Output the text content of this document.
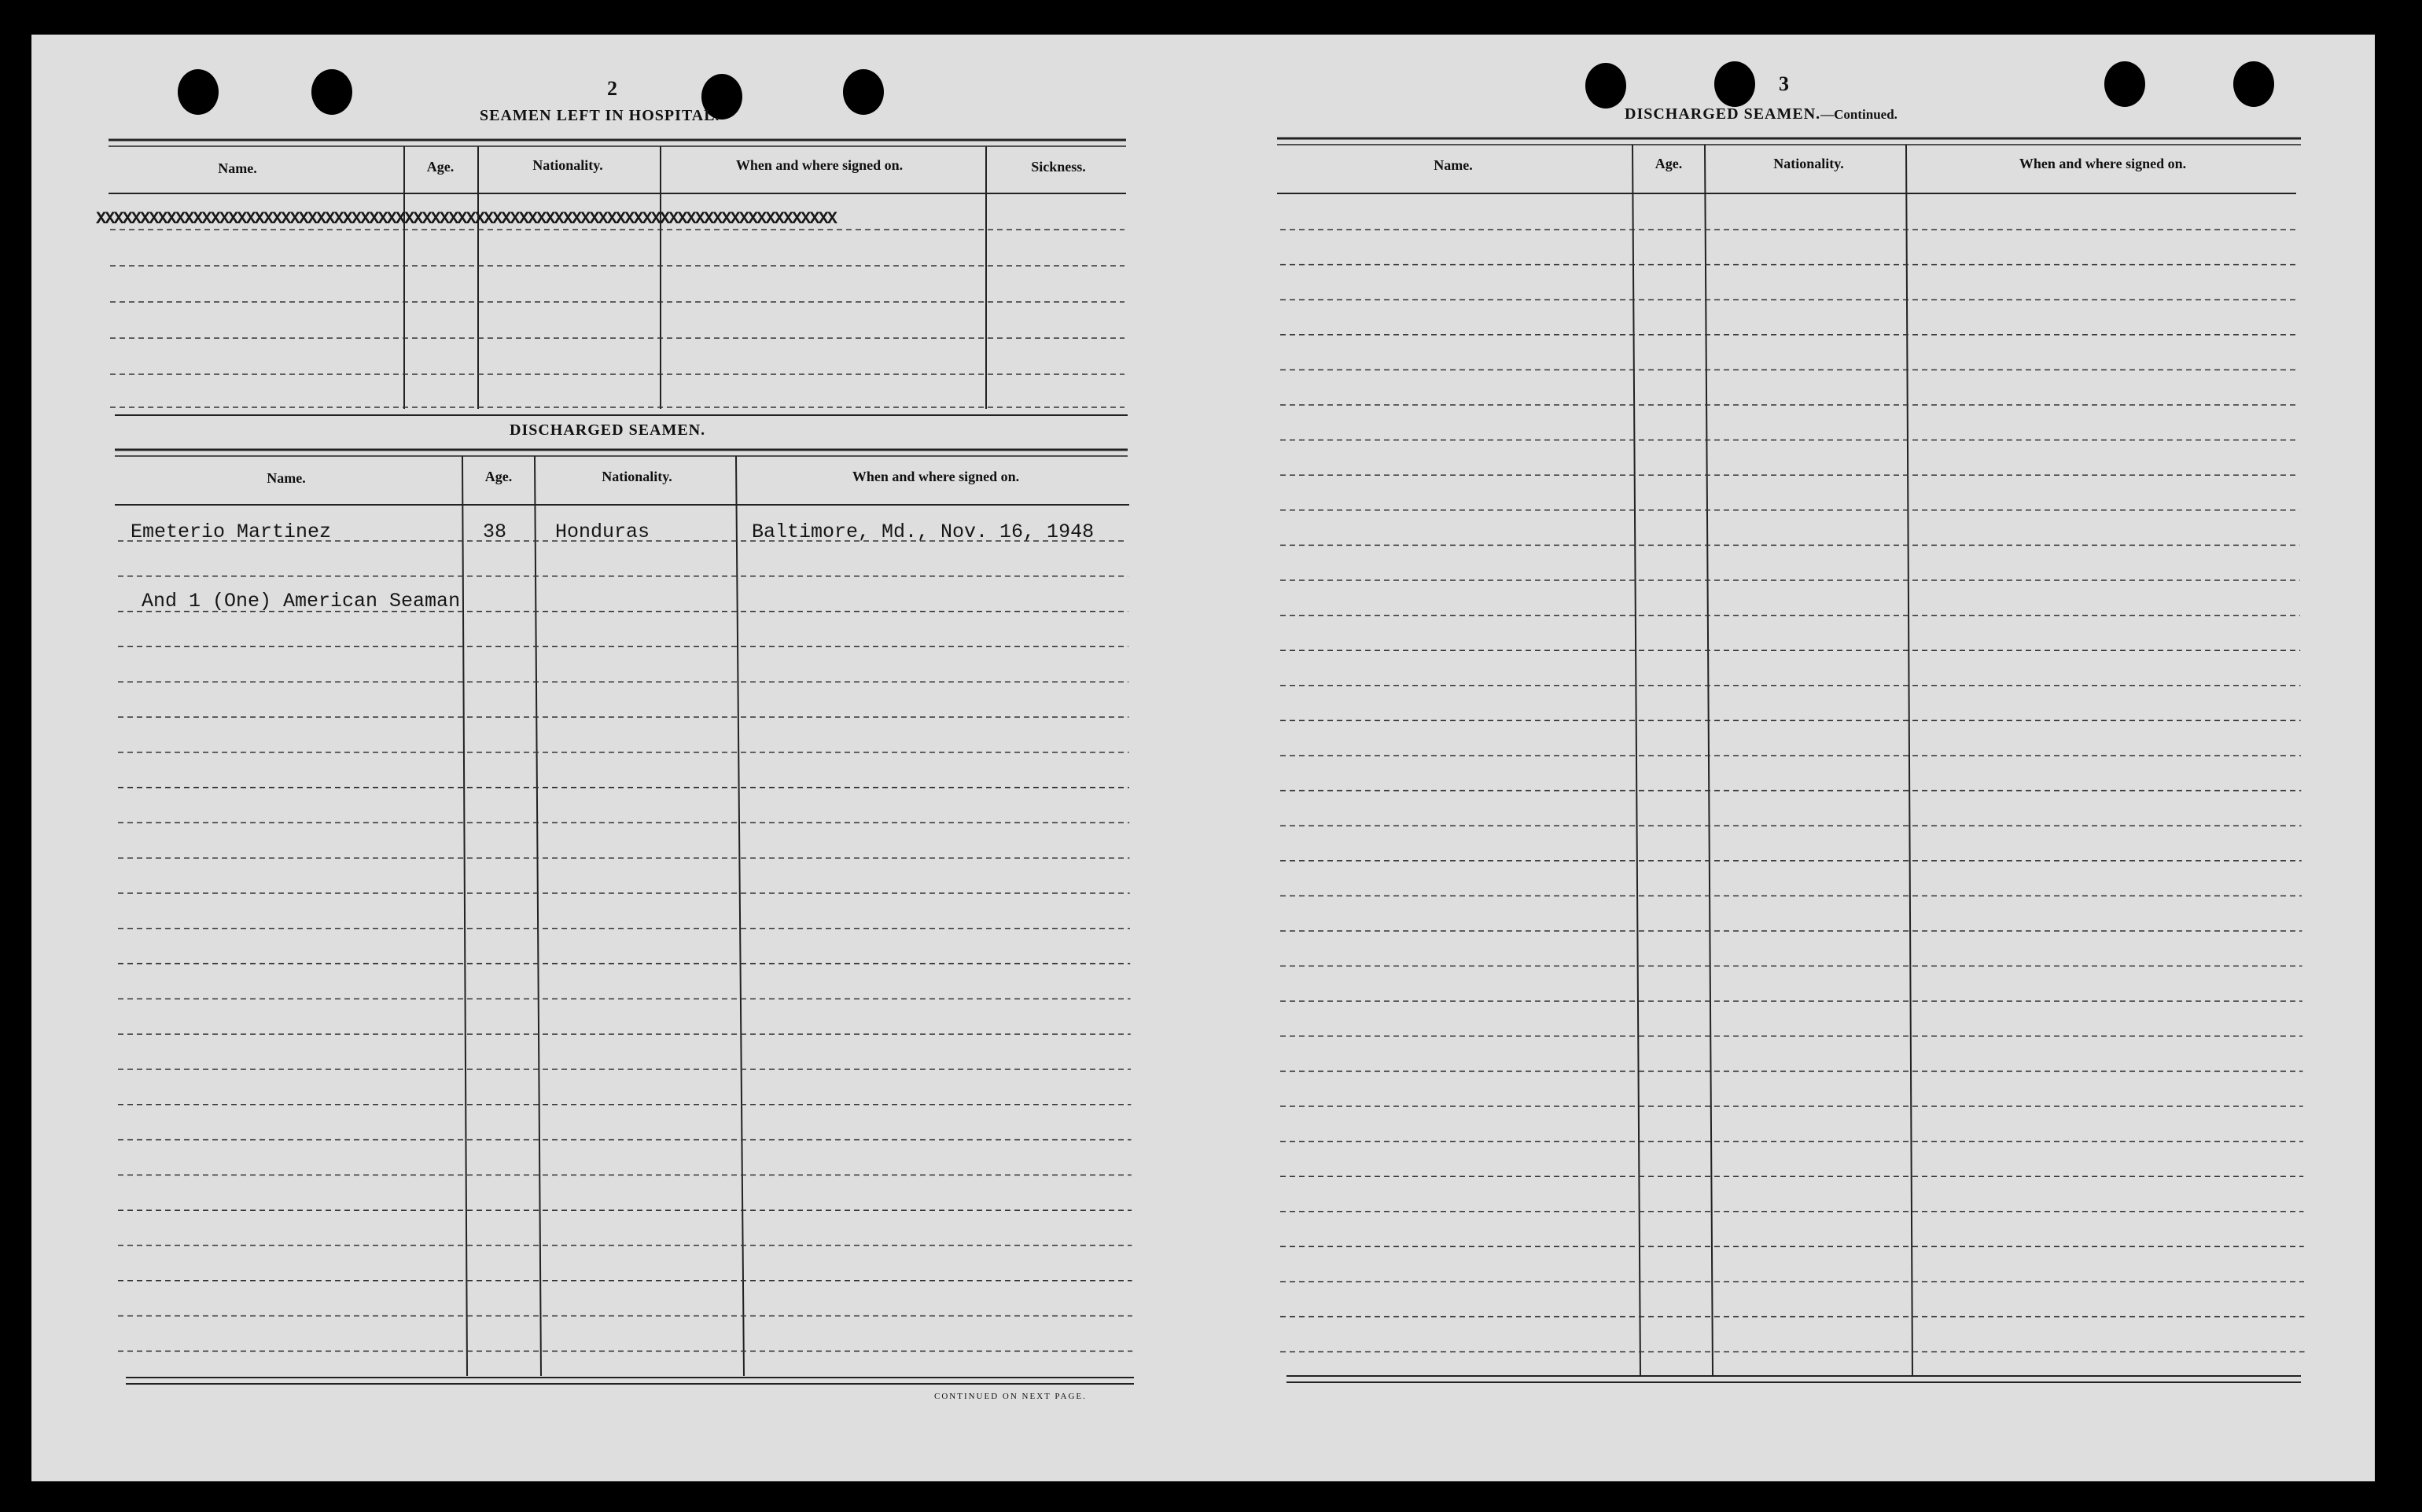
2
SEAMEN LEFT IN HOSPITAL.
Name.	Age.	Nationality.	When and where signed on.	Sickness.
XXXXXXXXXXXXXXXXXXXXXXXXXXXXXXXXXXXXXXXXXXXXXXXXXXXXXXXXXXXXXXXXXXXXXXXXXXXXXXXXXXXX
DISCHARGED SEAMEN.
Name.	Age.	Nationality.	When and where signed on.
Emeterio Martinez	38 Honduras	Baltimore, Md., Nov. 16, 1948
And 1 (One) American Seaman
CONTINUED ON NEXT PAGE.
3
DISCHARGED SEAMEN.—Continued.
Name.	Age.	Nationality.	When and where signed on.
